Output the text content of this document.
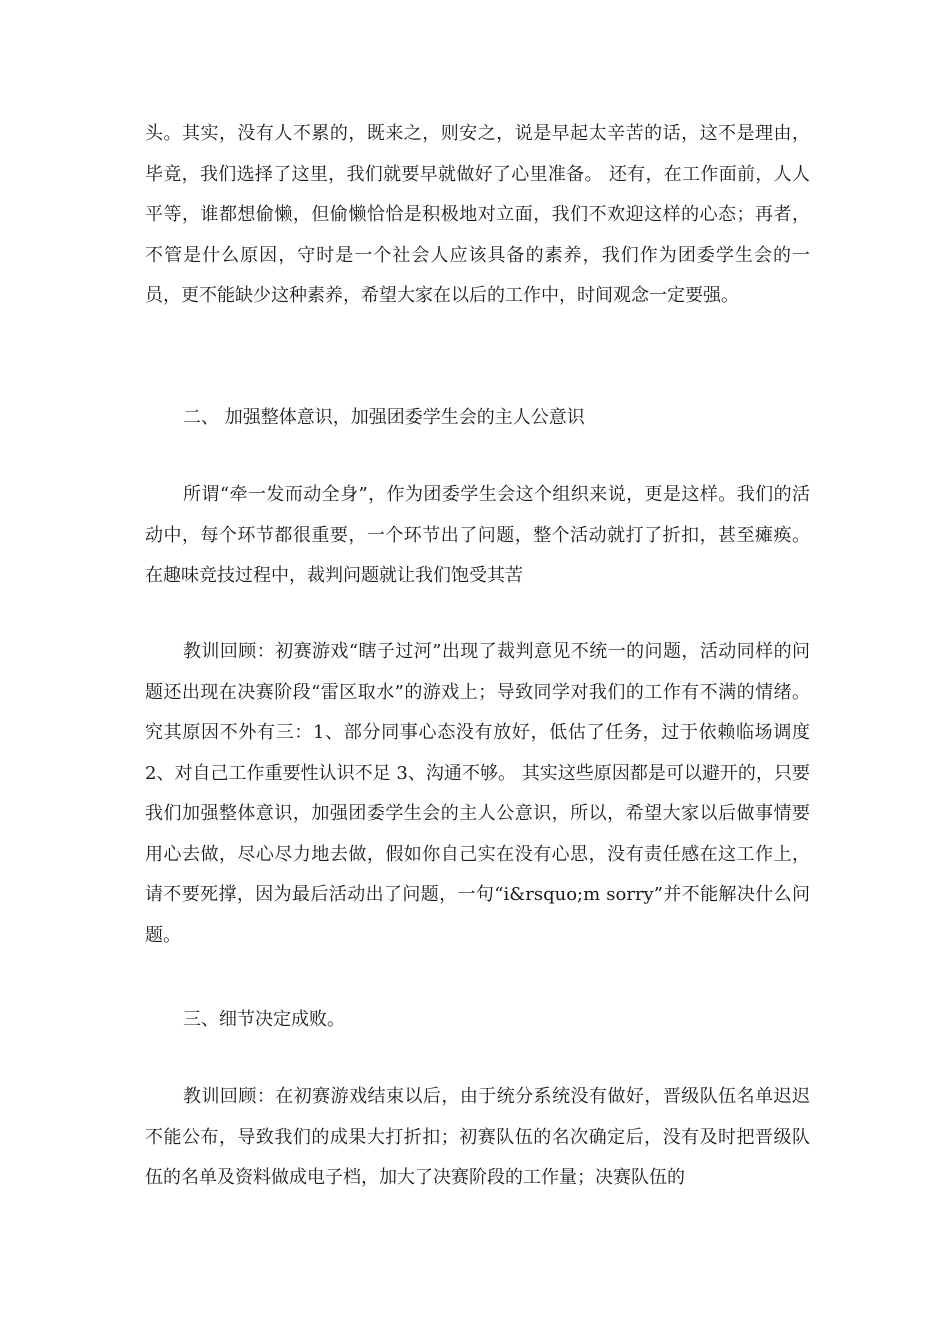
头。其实，没有人不累的，既来之，则安之，说是早起太辛苦的话，这不是理由，毕竟，我们选择了这里，我们就要早就做好了心里准备。 还有，在工作面前，人人平等，谁都想偷懒，但偷懒恰恰是积极地对立面，我们不欢迎这样的心态；再者，不管是什么原因，守时是一个社会人应该具备的素养，我们作为团委学生会的一员，更不能缺少这种素养，希望大家在以后的工作中，时间观念一定要强。
二、 加强整体意识，加强团委学生会的主人公意识
所谓“牵一发而动全身”，作为团委学生会这个组织来说，更是这样。我们的活动中，每个环节都很重要，一个环节出了问题，整个活动就打了折扣，甚至瘫痪。在趣味竞技过程中，裁判问题就让我们饱受其苦
教训回顾：初赛游戏“瞎子过河”出现了裁判意见不统一的问题，活动同样的问题还出现在决赛阶段“雷区取水”的游戏上；导致同学对我们的工作有不满的情绪。究其原因不外有三：1、部分同事心态没有放好，低估了任务，过于依赖临场调度 2、对自己工作重要性认识不足 3、沟通不够。 其实这些原因都是可以避开的，只要我们加强整体意识，加强团委学生会的主人公意识，所以，希望大家以后做事情要用心去做，尽心尽力地去做，假如你自己实在没有心思，没有责任感在这工作上，请不要死撑，因为最后活动出了问题，一句“i&rsquo;m sorry”并不能解决什么问题。
三、细节决定成败。
教训回顾：在初赛游戏结束以后，由于统分系统没有做好，晋级队伍名单迟迟不能公布，导致我们的成果大打折扣；初赛队伍的名次确定后，没有及时把晋级队伍的名单及资料做成电子档，加大了决赛阶段的工作量；决赛队伍的
